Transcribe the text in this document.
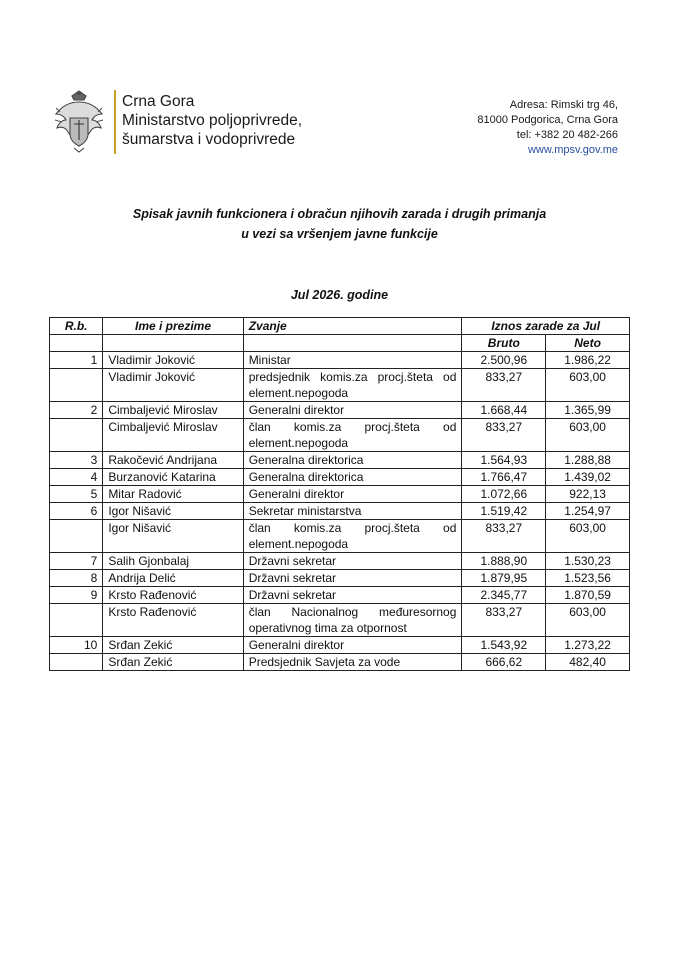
Crna Gora
Ministarstvo poljoprivrede,
šumarstva i vodoprivrede
Adresa: Rimski trg 46,
81000 Podgorica, Crna Gora
tel: +382 20 482-266
www.mpsv.gov.me
Spisak javnih funkcionera i obračun njihovih zarada i drugih primanja
u vezi sa vršenjem javne funkcije
Jul 2026. godine
R.b.	Ime i prezime	Zvanje	Iznos zarade za Jul	
			Bruto	Neto
1	Vladimir Joković	Ministar	2.500,96	1.986,22
	Vladimir Joković	predsjednik komis.za procj.šteta od element.nepogoda	833,27	603,00
2	Cimbaljević Miroslav	Generalni direktor	1.668,44	1.365,99
	Cimbaljević Miroslav	član komis.za procj.šteta od element.nepogoda	833,27	603,00
3	Rakočević Andrijana	Generalna direktorica	1.564,93	1.288,88
4	Burzanović Katarina	Generalna direktorica	1.766,47	1.439,02
5	Mitar Radović	Generalni direktor	1.072,66	922,13
6	Igor Nišavić	Sekretar ministarstva	1.519,42	1.254,97
	Igor Nišavić	član komis.za procj.šteta od element.nepogoda	833,27	603,00
7	Salih Gjonbalaj	Državni sekretar	1.888,90	1.530,23
8	Andrija Delić	Državni sekretar	1.879,95	1.523,56
9	Krsto Rađenović	Državni sekretar	2.345,77	1.870,59
	Krsto Rađenović	član Nacionalnog međuresornog operativnog tima za otpornost	833,27	603,00
10	Srđan Zekić	Generalni direktor	1.543,92	1.273,22
	Srđan Zekić	Predsjednik Savjeta za vode	666,62	482,40
